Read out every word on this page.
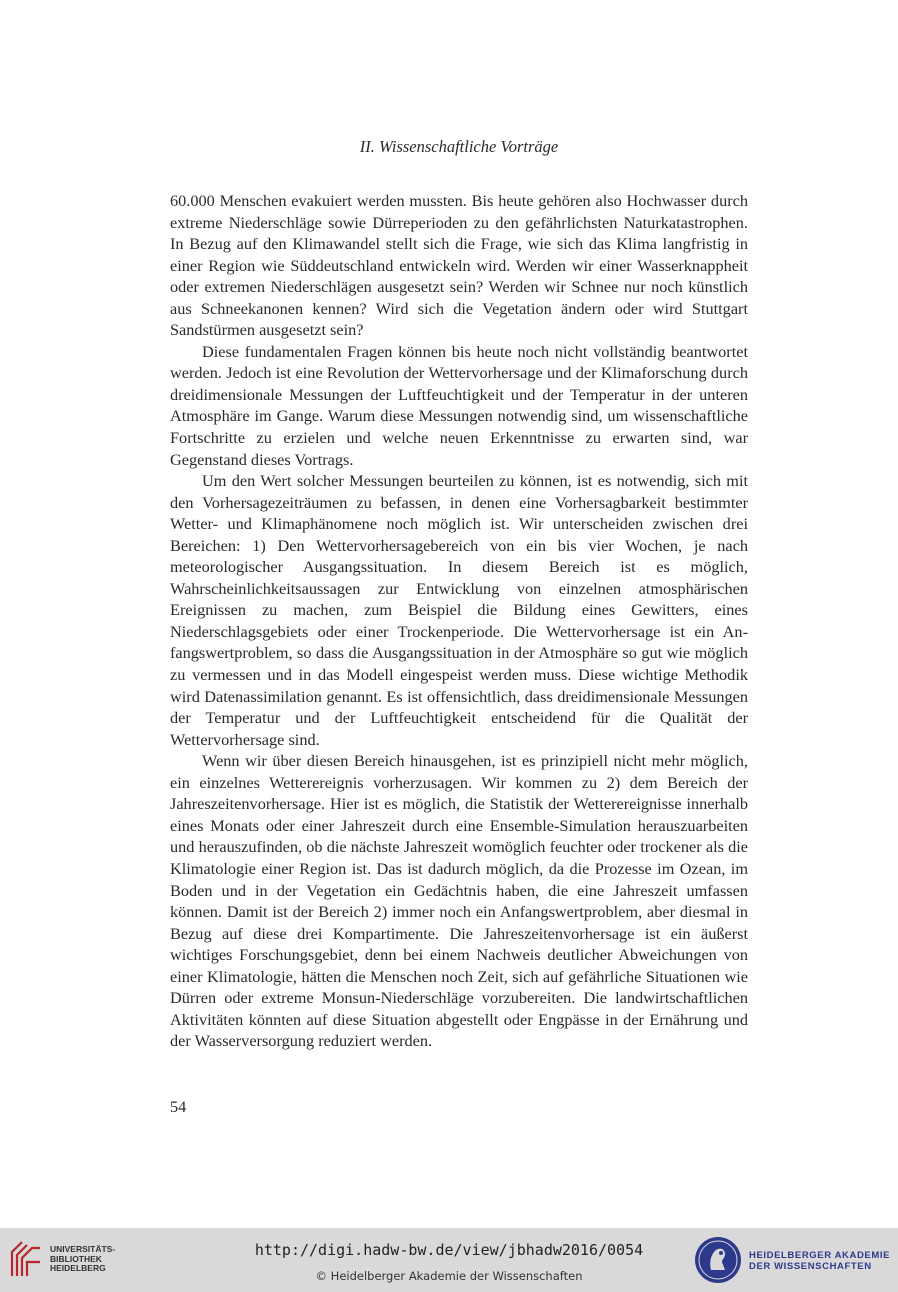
II. Wissenschaftliche Vorträge

60.000 Menschen evakuiert werden mussten. Bis heute gehören also Hochwasser durch extreme Niederschläge sowie Dürreperioden zu den gefährlichsten Naturkatastrophen. In Bezug auf den Klimawandel stellt sich die Frage, wie sich das Klima langfristig in einer Region wie Süddeutschland entwickeln wird. Werden wir einer Wasserknappheit oder extremen Niederschlägen ausgesetzt sein? Werden wir Schnee nur noch künstlich aus Schneekanonen kennen? Wird sich die Vegetation ändern oder wird Stuttgart Sandstürmen ausgesetzt sein?

Diese fundamentalen Fragen können bis heute noch nicht vollständig beantwortet werden. Jedoch ist eine Revolution der Wettervorhersage und der Klimaforschung durch dreidimensionale Messungen der Luftfeuchtigkeit und der Temperatur in der unteren Atmosphäre im Gange. Warum diese Messungen notwendig sind, um wissenschaftliche Fortschritte zu erzielen und welche neuen Erkenntnisse zu erwarten sind, war Gegenstand dieses Vortrags.

Um den Wert solcher Messungen beurteilen zu können, ist es notwendig, sich mit den Vorhersagezeiträumen zu befassen, in denen eine Vorhersagbarkeit bestimmter Wetter- und Klimaphänomene noch möglich ist. Wir unterscheiden zwischen drei Bereichen: 1) Den Wettervorhersagebereich von ein bis vier Wochen, je nach meteorologischer Ausgangssituation. In diesem Bereich ist es möglich, Wahrscheinlichkeitsaussagen zur Entwicklung von einzelnen atmosphärischen Ereignissen zu machen, zum Beispiel die Bildung eines Gewitters, eines Niederschlagsgebiets oder einer Trockenperiode. Die Wettervorhersage ist ein Anfangswertproblem, so dass die Ausgangssituation in der Atmosphäre so gut wie möglich zu vermessen und in das Modell eingespeist werden muss. Diese wichtige Methodik wird Datenassimilation genannt. Es ist offensichtlich, dass dreidimensionale Messungen der Temperatur und der Luftfeuchtigkeit entscheidend für die Qualität der Wettervorhersage sind.

Wenn wir über diesen Bereich hinausgehen, ist es prinzipiell nicht mehr möglich, ein einzelnes Wetterereignis vorherzusagen. Wir kommen zu 2) dem Bereich der Jahreszeitenvorhersage. Hier ist es möglich, die Statistik der Wetterereignisse innerhalb eines Monats oder einer Jahreszeit durch eine Ensemble-Simulation herauszuarbeiten und herauszufinden, ob die nächste Jahreszeit womöglich feuchter oder trockener als die Klimatologie einer Region ist. Das ist dadurch möglich, da die Prozesse im Ozean, im Boden und in der Vegetation ein Gedächtnis haben, die eine Jahreszeit umfassen können. Damit ist der Bereich 2) immer noch ein Anfangswertproblem, aber diesmal in Bezug auf diese drei Kompartimente. Die Jahreszeitenvorhersage ist ein äußerst wichtiges Forschungsgebiet, denn bei einem Nachweis deutlicher Abweichungen von einer Klimatologie, hätten die Menschen noch Zeit, sich auf gefährliche Situationen wie Dürren oder extreme Monsun-Niederschläge vorzubereiten. Die landwirtschaftlichen Aktivitäten könnten auf diese Situation abgestellt oder Engpässe in der Ernährung und der Wasserversorgung reduziert werden.

54
UNIVERSITÄTS-
BIBLIOTHEK
HEIDELBERG
http://digi.hadw-bw.de/view/jbhadw2016/0054
© Heidelberger Akademie der Wissenschaften
HEIDELBERGER AKADEMIE
DER WISSENSCHAFTEN
